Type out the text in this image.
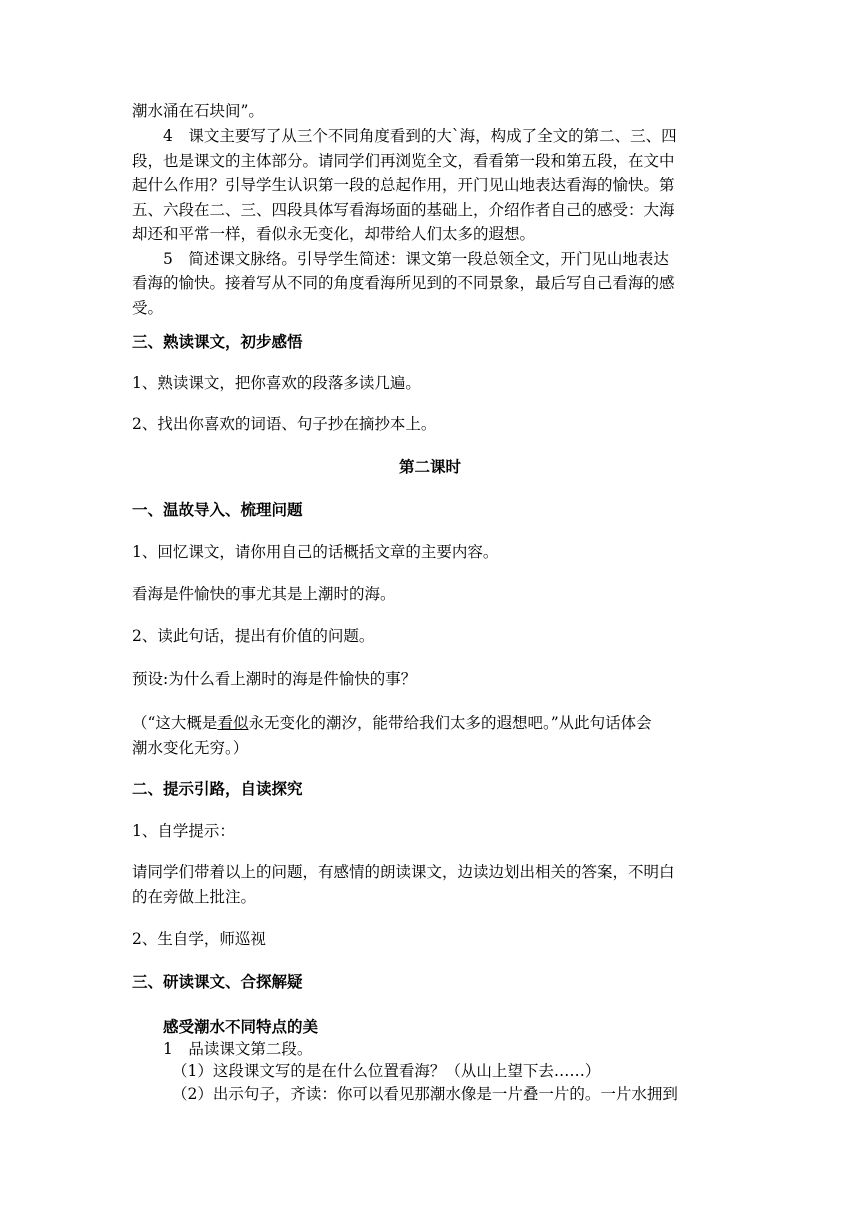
潮水涌在石块间”。
4　课文主要写了从三个不同角度看到的大`海，构成了全文的第二、三、四
段，也是课文的主体部分。请同学们再浏览全文，看看第一段和第五段，在文中
起什么作用？引导学生认识第一段的总起作用，开门见山地表达看海的愉快。第
五、六段在二、三、四段具体写看海场面的基础上，介绍作者自己的感受：大海
却还和平常一样，看似永无变化，却带给人们太多的遐想。
5　简述课文脉络。引导学生简述：课文第一段总领全文，开门见山地表达
看海的愉快。接着写从不同的角度看海所见到的不同景象，最后写自己看海的感
受。
三、熟读课文，初步感悟
1、熟读课文，把你喜欢的段落多读几遍。
2、找出你喜欢的词语、句子抄在摘抄本上。
第二课时
一、温故导入、梳理问题
1、回忆课文，请你用自己的话概括文章的主要内容。
看海是件愉快的事尤其是上潮时的海。
2、读此句话，提出有价值的问题。
预设:为什么看上潮时的海是件愉快的事？
（“这大概是看似永无变化的潮汐，能带给我们太多的遐想吧。”从此句话体会
潮水变化无穷。）
二、提示引路，自读探究
1、自学提示：
请同学们带着以上的问题，有感情的朗读课文，边读边划出相关的答案，不明白
的在旁做上批注。
2、生自学，师巡视
三、研读课文、合探解疑
感受潮水不同特点的美
1　品读课文第二段。
（1）这段课文写的是在什么位置看海？（从山上望下去……）
（2）出示句子，齐读：你可以看见那潮水像是一片叠一片的。一片水拥到
